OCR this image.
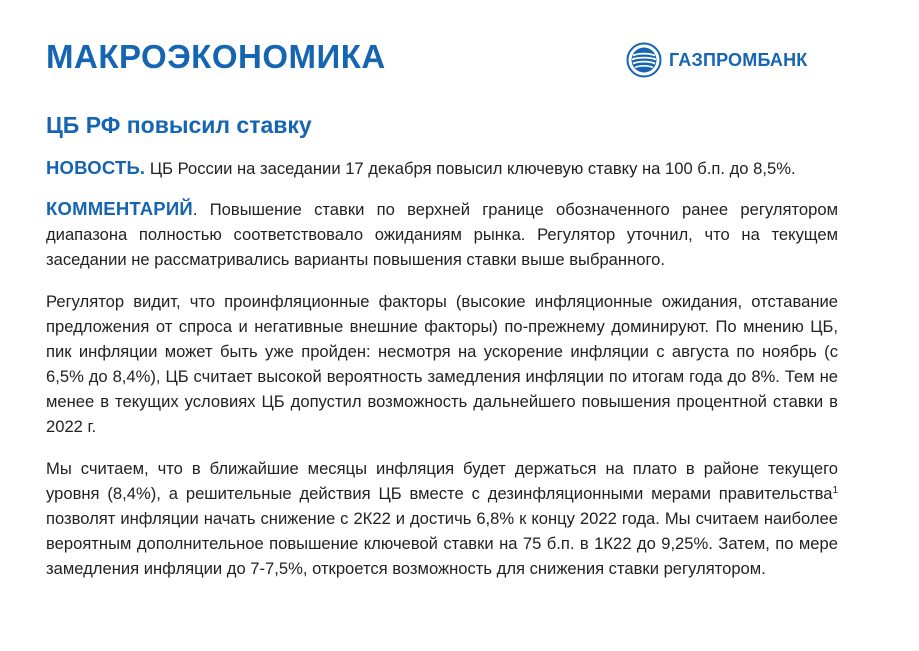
МАКРОЭКОНОМИКА	ГАЗПРОМБАНК
ЦБ РФ повысил ставку

НОВОСТЬ. ЦБ России на заседании 17 декабря повысил ключевую ставку на 100 б.п. до 8,5%.

КОММЕНТАРИЙ. Повышение ставки по верхней границе обозначенного ранее регулятором диапазона полностью соответствовало ожиданиям рынка. Регулятор уточнил, что на текущем заседании не рассматривались варианты повышения ставки выше выбранного.

Регулятор видит, что проинфляционные факторы (высокие инфляционные ожидания, отставание предложения от спроса и негативные внешние факторы) по-прежнему доминируют. По мнению ЦБ, пик инфляции может быть уже пройден: несмотря на ускорение инфляции с августа по ноябрь (с 6,5% до 8,4%), ЦБ считает высокой вероятность замедления инфляции по итогам года до 8%. Тем не менее в текущих условиях ЦБ допустил возможность дальнейшего повышения процентной ставки в 2022 г.

Мы считаем, что в ближайшие месяцы инфляция будет держаться на плато в районе текущего уровня (8,4%), а решительные действия ЦБ вместе с дезинфляционными мерами правительства$^1$ позволят инфляции начать снижение с 2К22 и достичь 6,8% к концу 2022 года. Мы считаем наиболее вероятным дополнительное повышение ключевой ставки на 75 б.п. в 1К22 до 9,25%. Затем, по мере замедления инфляции до 7-7,5%, откроется возможность для снижения ставки регулятором.
